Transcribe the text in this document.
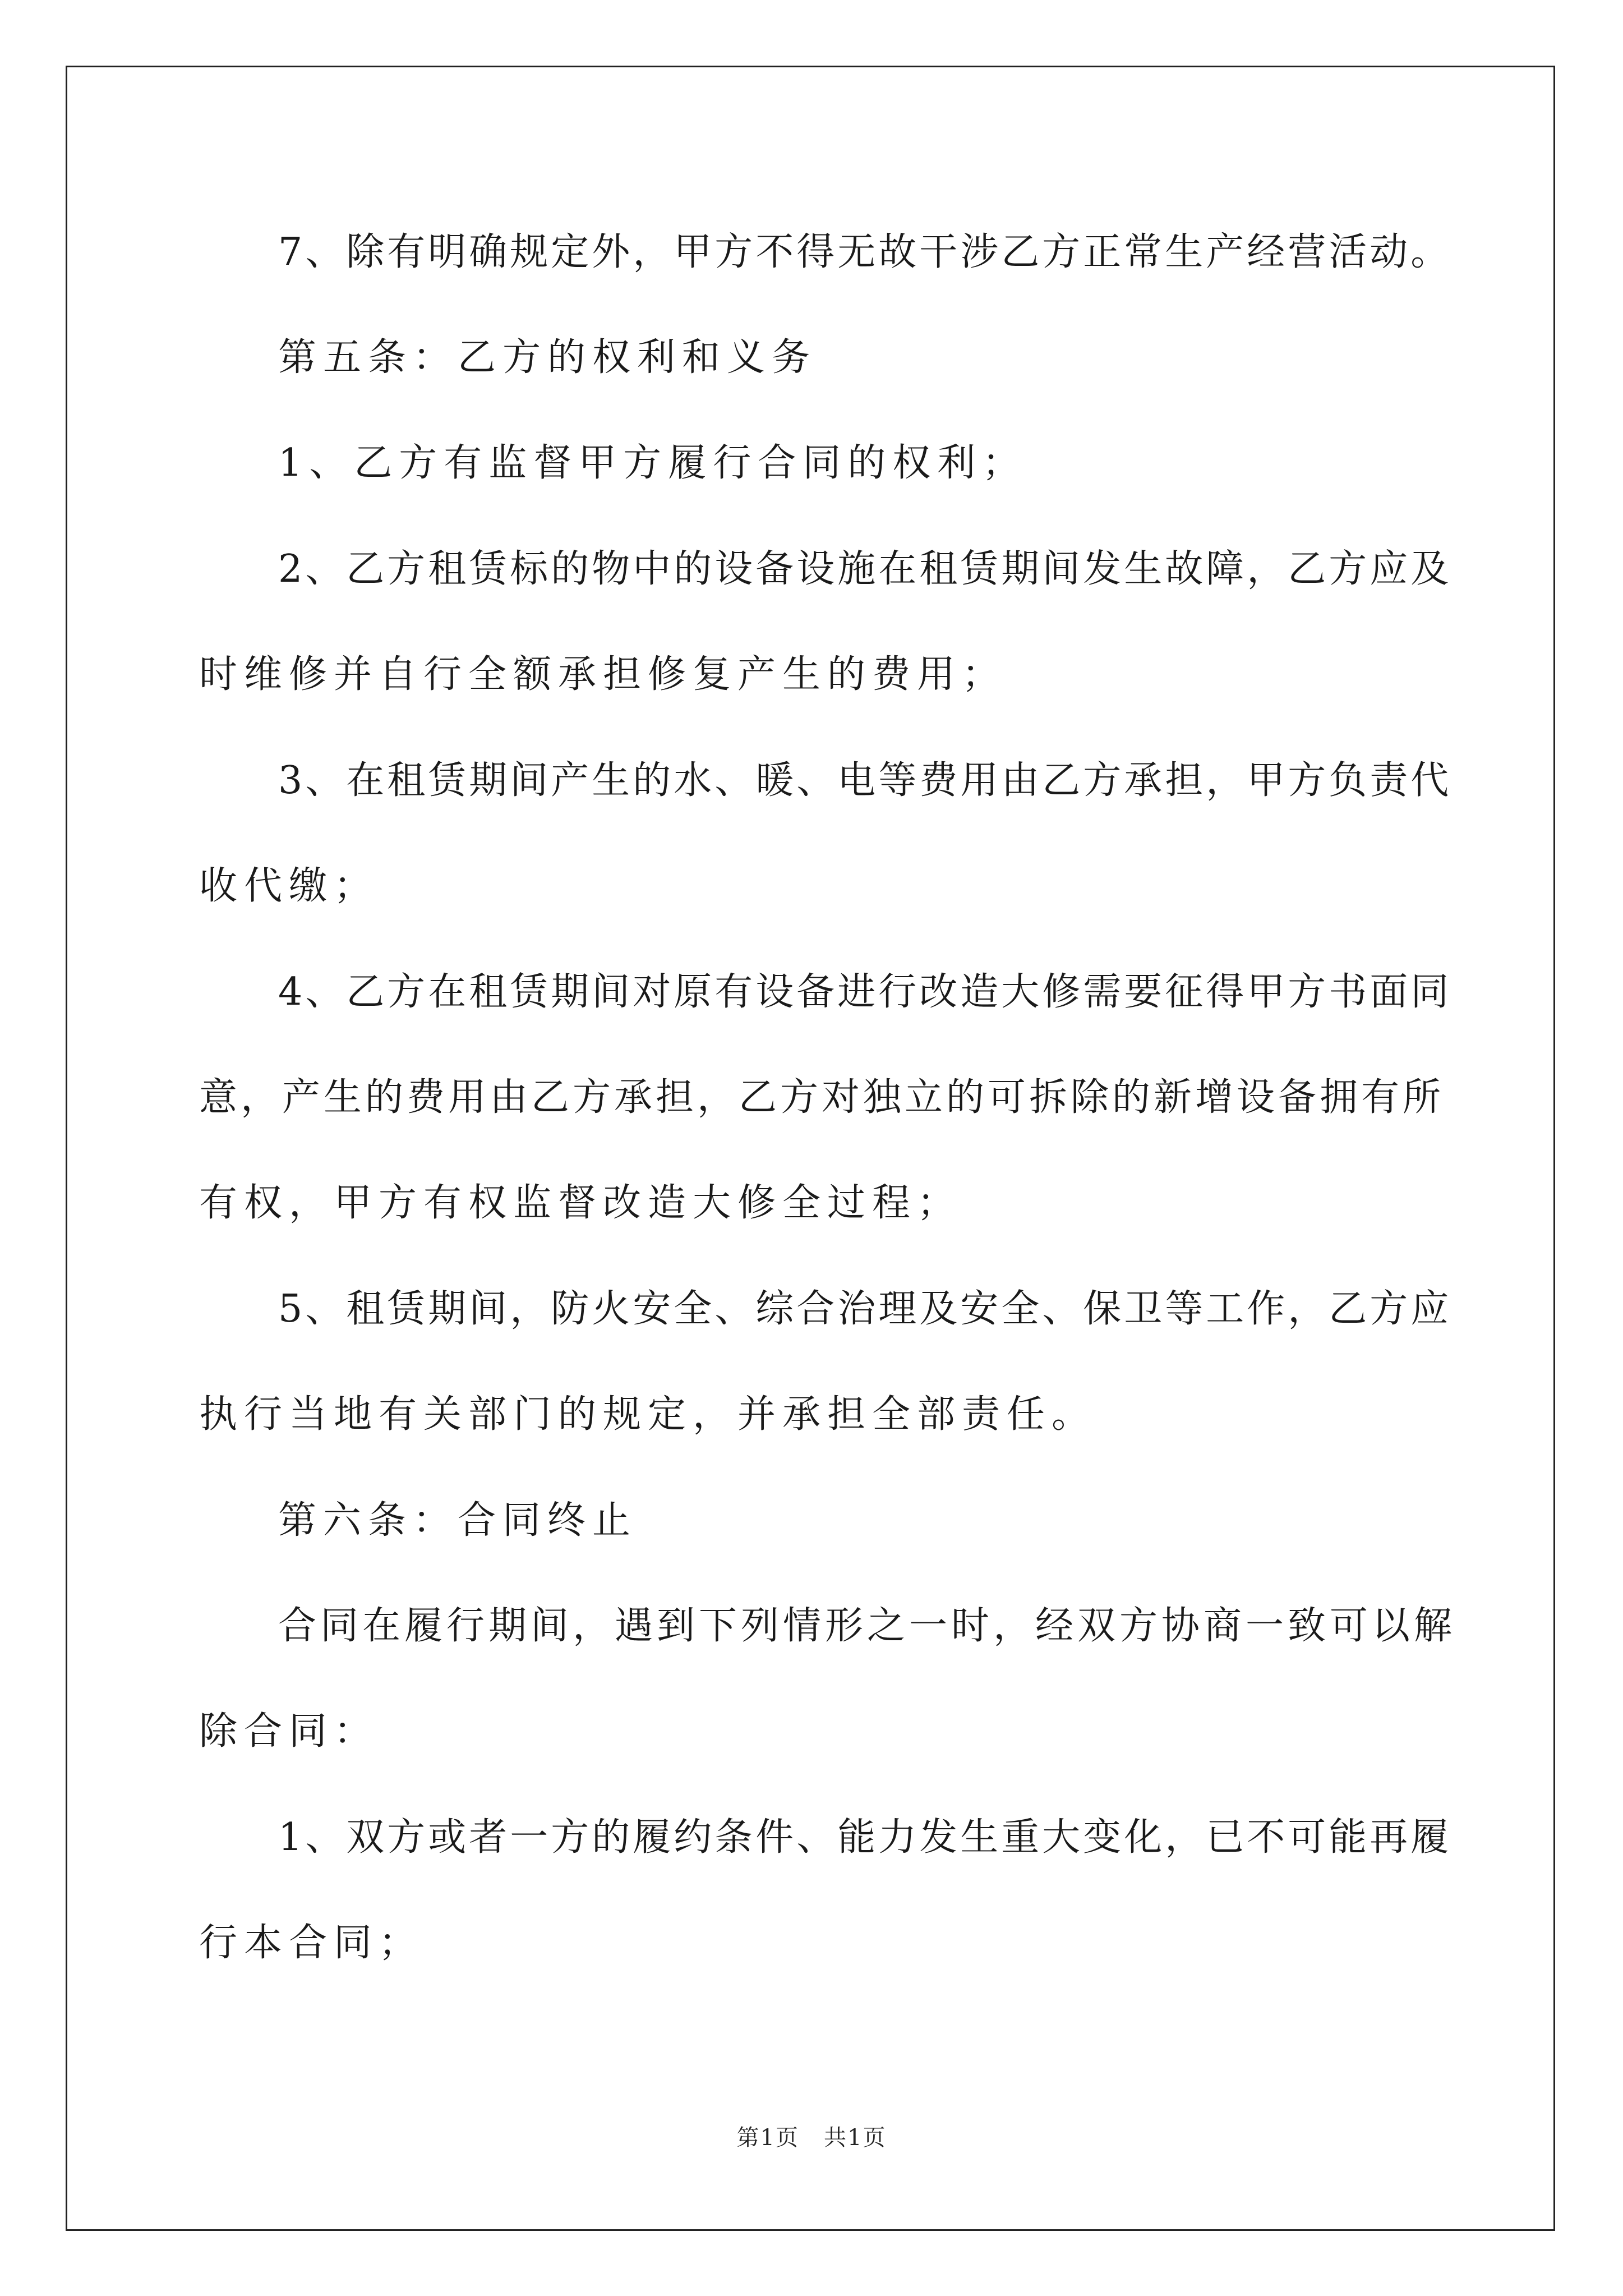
7、除有明确规定外，甲方不得无故干涉乙方正常生产经营活动。
第五条：乙方的权利和义务
1、乙方有监督甲方履行合同的权利；
2、乙方租赁标的物中的设备设施在租赁期间发生故障，乙方应及
时维修并自行全额承担修复产生的费用；
3、在租赁期间产生的水、暖、电等费用由乙方承担，甲方负责代
收代缴；
4、乙方在租赁期间对原有设备进行改造大修需要征得甲方书面同
意，产生的费用由乙方承担，乙方对独立的可拆除的新增设备拥有所
有权，甲方有权监督改造大修全过程；
5、租赁期间，防火安全、综合治理及安全、保卫等工作，乙方应
执行当地有关部门的规定，并承担全部责任。
第六条：合同终止
合同在履行期间，遇到下列情形之一时，经双方协商一致可以解
除合同：
1、双方或者一方的履约条件、能力发生重大变化，已不可能再履
行本合同；
第1页 共1页
